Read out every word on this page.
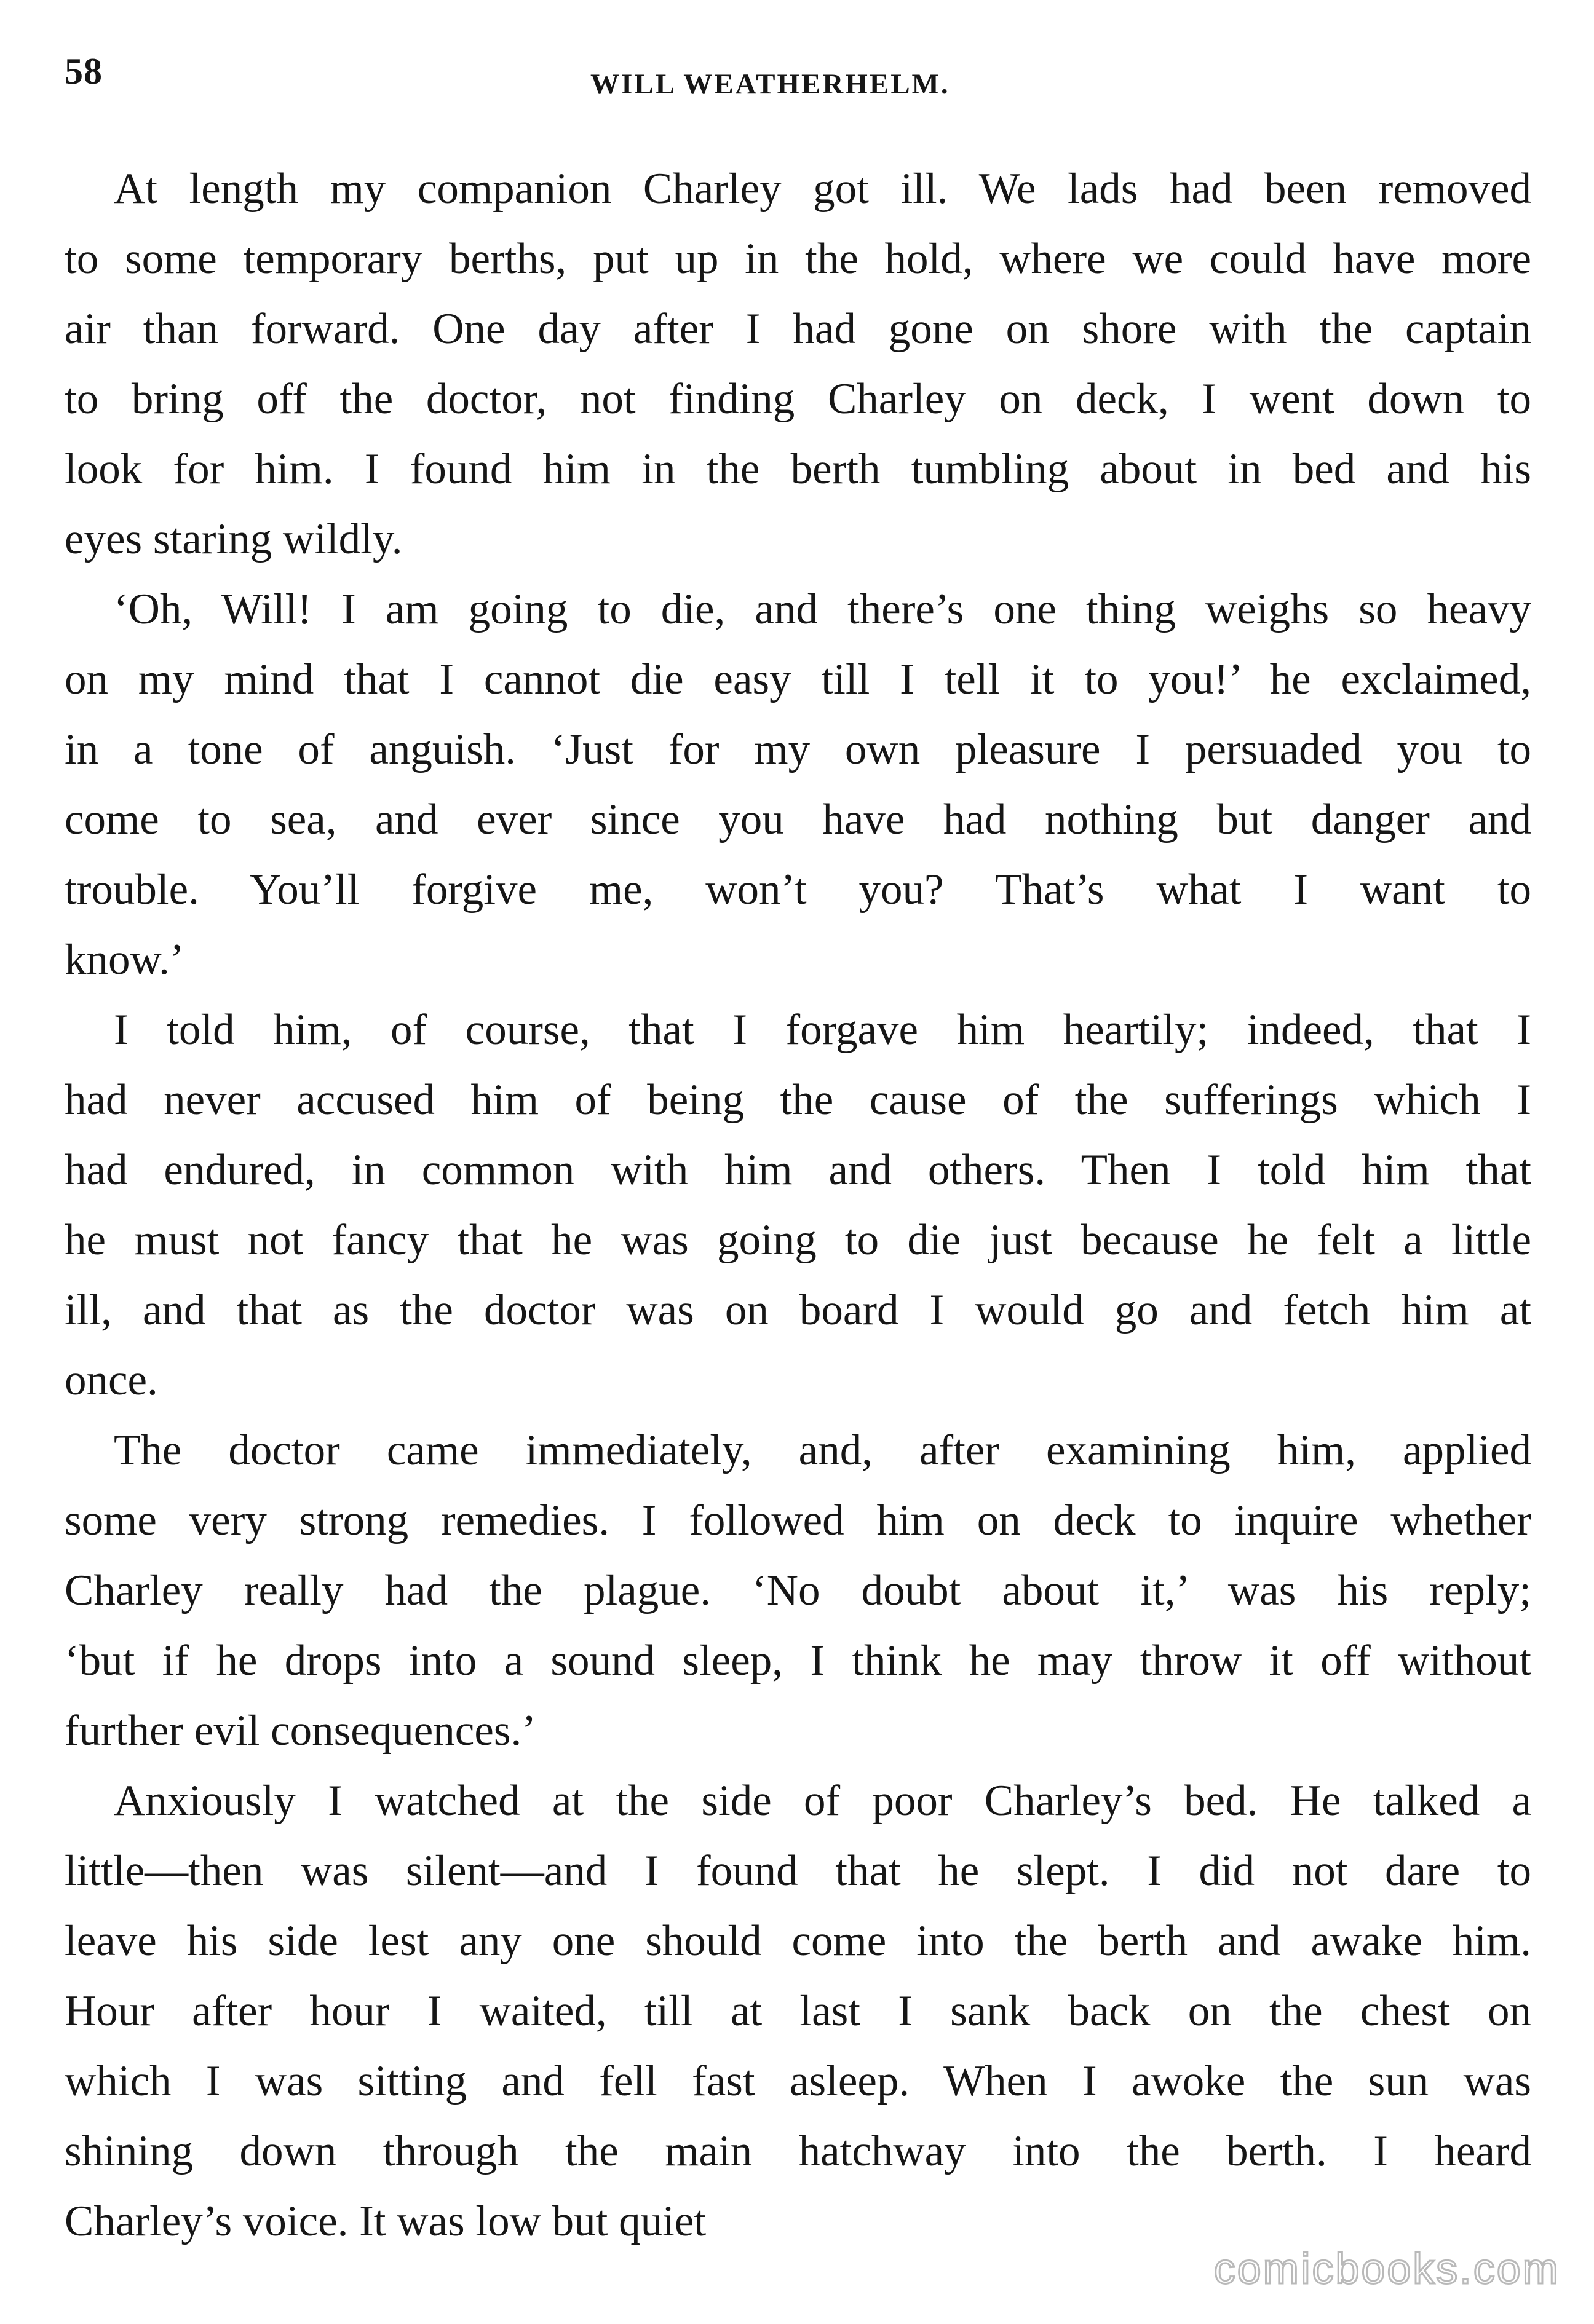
58	WILL WEATHERHELM.
At length my companion Charley got ill. We lads had been removed
to some temporary berths, put up in the hold, where we could have more
air than forward. One day after I had gone on shore with the captain
to bring off the doctor, not finding Charley on deck, I went down to
look for him. I found him in the berth tumbling about in bed and his
eyes staring wildly.
‘Oh, Will! I am going to die, and there’s one thing weighs so heavy
on my mind that I cannot die easy till I tell it to you!’ he exclaimed,
in a tone of anguish. ‘Just for my own pleasure I persuaded you to
come to sea, and ever since you have had nothing but danger and
trouble. You’ll forgive me, won’t you? That’s what I want to
know.’
I told him, of course, that I forgave him heartily; indeed, that I
had never accused him of being the cause of the sufferings which I
had endured, in common with him and others. Then I told him that
he must not fancy that he was going to die just because he felt a little
ill, and that as the doctor was on board I would go and fetch him at
once.
The doctor came immediately, and, after examining him, applied
some very strong remedies. I followed him on deck to inquire whether
Charley really had the plague. ‘No doubt about it,’ was his reply;
‘but if he drops into a sound sleep, I think he may throw it off without
further evil consequences.’
Anxiously I watched at the side of poor Charley’s bed. He talked a
little—then was silent—and I found that he slept. I did not dare to
leave his side lest any one should come into the berth and awake him.
Hour after hour I waited, till at last I sank back on the chest on
which I was sitting and fell fast asleep. When I awoke the sun was
shining down through the main hatchway into the berth. I heard
Charley’s voice. It was low but quiet
comicbooks.com
